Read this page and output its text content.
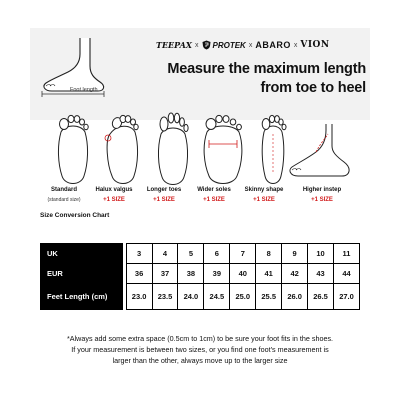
Foot length
TEEPAX x PROTEK x ABARO x VION
Measure the maximum length
from toe to heel
Standard
(standard size)
Halux valgus
+1 SIZE
Longer toes
+1 SIZE
Wider soles
+1 SIZE
Skinny shape
+1 SIZE
Higher instep
+1 SIZE
Size Conversion Chart
UK		3	4	5	6	7	8	9	10	11
EUR		36	37	38	39	40	41	42	43	44
Feet Length (cm)		23.0	23.5	24.0	24.5	25.0	25.5	26.0	26.5	27.0
*Always add some extra space (0.5cm to 1cm) to be sure your foot fits in the shoes.
If your measurement is between two sizes, or you find one foot's measurement is
larger than the other, always move up to the larger size
